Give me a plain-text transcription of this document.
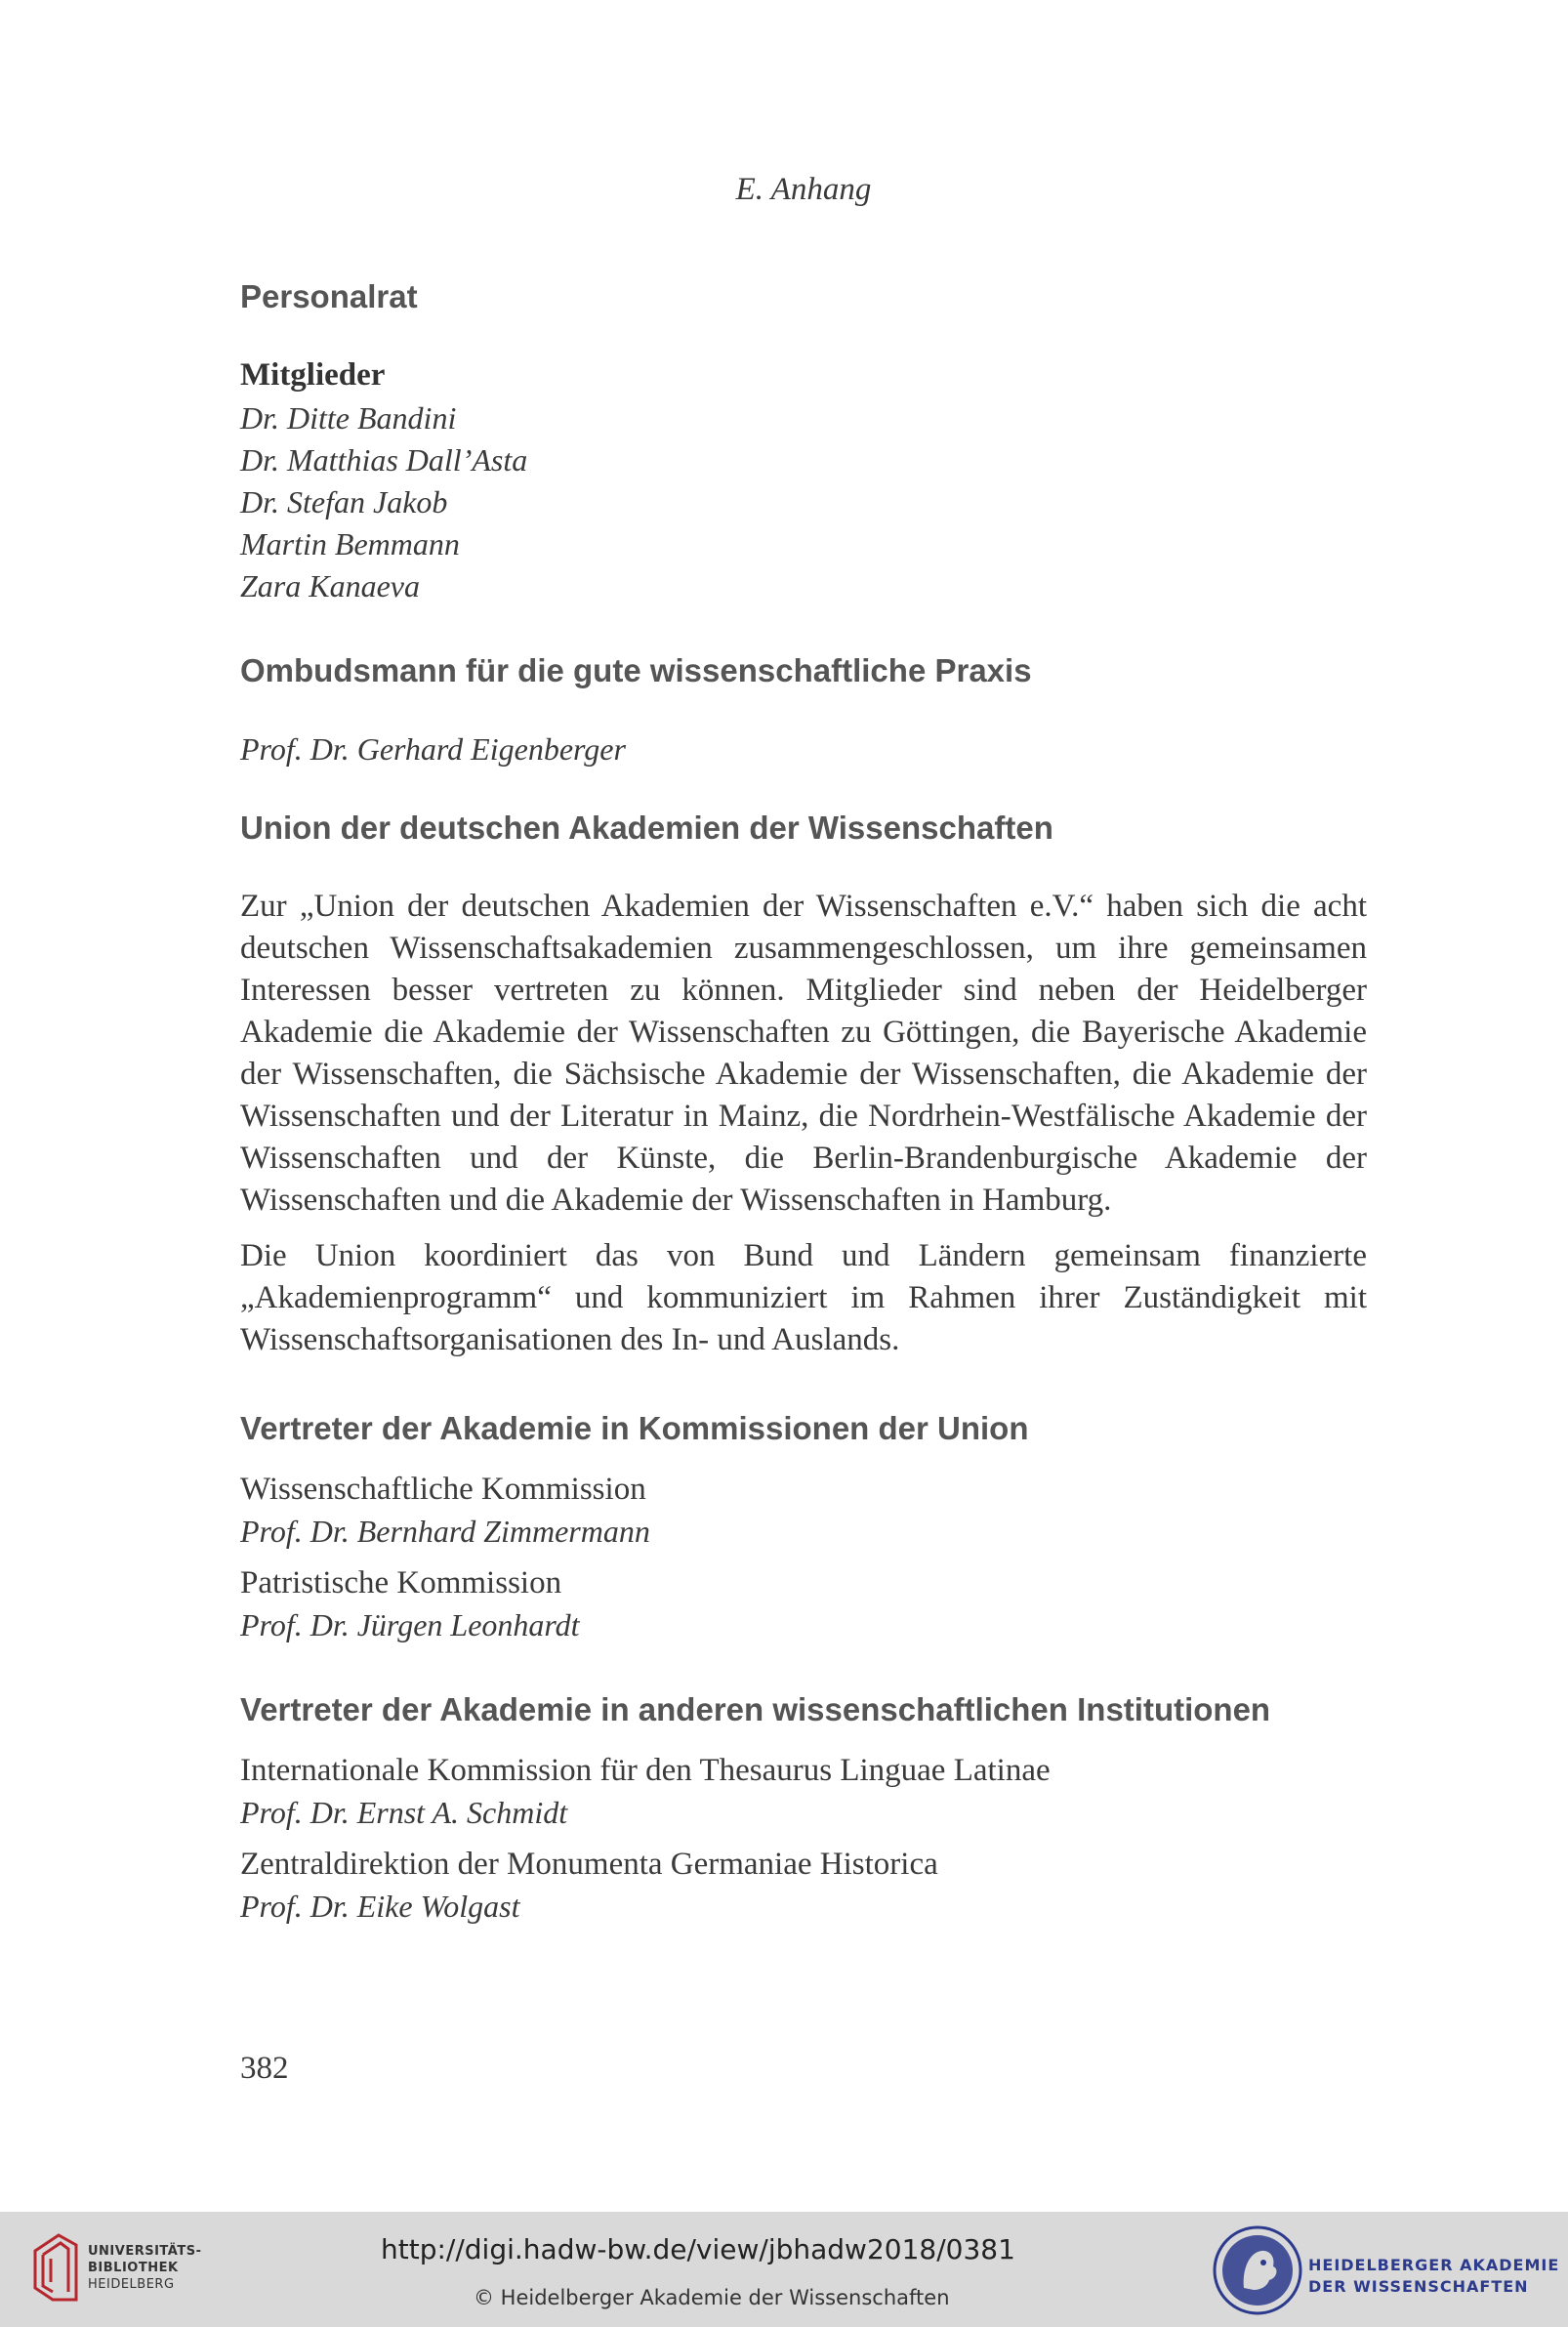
E. Anhang
Personalrat
Mitglieder

Dr. Ditte Bandini

Dr. Matthias Dall’Asta

Dr. Stefan Jakob

Martin Bemmann

Zara Kanaeva

Ombudsmann für die gute wissenschaftliche Praxis

Prof. Dr. Gerhard Eigenberger

Union der deutschen Akademien der Wissenschaften

Zur „Union der deutschen Akademien der Wissenschaften e.V.“ haben sich die acht deutschen Wissenschaftsakademien zusammengeschlossen, um ihre gemeinsamen Interessen besser vertreten zu können. Mitglieder sind neben der Heidelberger Akademie die Akademie der Wissenschaften zu Göttingen, die Bayerische Akademie der Wissenschaften, die Sächsische Akademie der Wissenschaften, die Akademie der Wissenschaften und der Literatur in Mainz, die Nordrhein-Westfälische Akademie der Wissenschaften und der Künste, die Berlin-Brandenburgische Akademie der Wissenschaften und die Akademie der Wissenschaften in Hamburg.

Die Union koordiniert das von Bund und Ländern gemeinsam finanzierte „Akademienprogramm“ und kommuniziert im Rahmen ihrer Zuständigkeit mit Wissenschaftsorganisationen des In- und Auslands.

Vertreter der Akademie in Kommissionen der Union

Wissenschaftliche Kommission

Prof. Dr. Bernhard Zimmermann

Patristische Kommission

Prof. Dr. Jürgen Leonhardt

Vertreter der Akademie in anderen wissenschaftlichen Institutionen

Internationale Kommission für den Thesaurus Linguae Latinae

Prof. Dr. Ernst A. Schmidt

Zentraldirektion der Monumenta Germaniae Historica

Prof. Dr. Eike Wolgast

382
UNIVERSITÄTS-
BIBLIOTHEK
HEIDELBERG
http://digi.hadw-bw.de/view/jbhadw2018/0381
© Heidelberger Akademie der Wissenschaften
HEIDELBERGER AKADEMIE
DER WISSENSCHAFTEN
